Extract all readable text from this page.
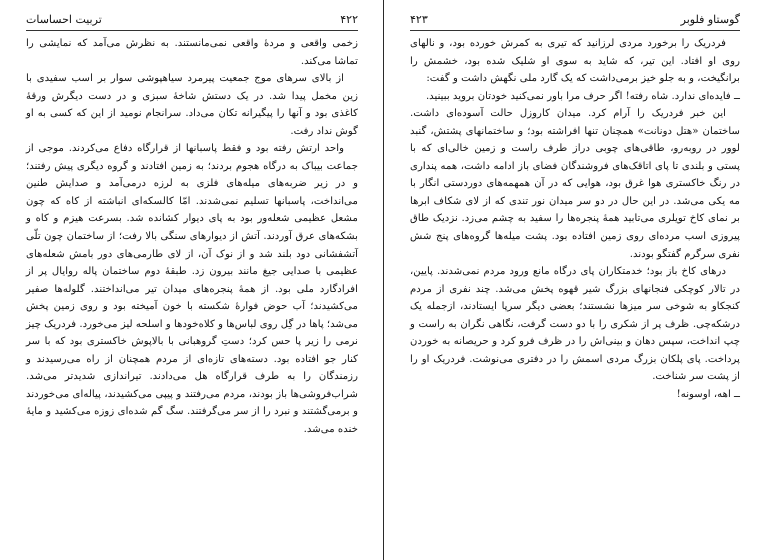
۴۲۲
تربیت احساسات

زخمی واقعی و مردهٔ واقعی نمی‌مانستند. به نظرش می‌آمد که نمایشی را تماشا می‌کند.

از بالای سرهای موج جمعیت پیرمرد سیاهپوشی سوار بر اسب سفیدی با زین مخمل پیدا شد. در یک دستش شاخهٔ سبزی و در دست دیگرش ورقهٔ کاغذی بود و آنها را پیگیرانه تکان می‌داد. سرانجام نومید از این که کسی به او گوش نداد رفت.

واحد ارتش رفته بود و فقط پاسبانها از قرارگاه دفاع می‌کردند. موجی از جماعت بیباک به درگاه هجوم بردند؛ به زمین افتادند و گروه دیگری پیش رفتند؛ و در زیر ضربه‌های میله‌های فلزی به لرزه درمی‌آمد و صدایش طنین می‌انداخت، پاسبانها تسلیم نمی‌شدند. امّا کالسکه‌ای انباشته از کاه که چون مشعل عظیمی شعله‌ور بود به پای دیوار کشانده شد. بسرعت هیزم و کاه و بشکه‌های عرق آوردند. آتش از دیوارهای سنگی بالا رفت؛ از ساختمان چون تلّی آتشفشانی دود بلند شد و از نوک آن، از لای طارمی‌های دور بامش شعله‌های عظیمی با صدایی جیغ مانند بیرون زد. طبقهٔ دوم ساختمان پاله روایال پر از افرادگارد ملی بود. از همهٔ پنجره‌های میدان تیر می‌انداختند. گلوله‌ها صفیر می‌کشیدند؛ آب حوض فوارهٔ شکسته با خون آمیخته بود و روی زمین پخش می‌شد؛ پاها در گِل روی لباس‌ها و کلاه‌خودها و اسلحه لیز می‌خورد. فردریک چیز نرمی را زیر پا حس کرد؛ دستِ گروهبانی با بالاپوش خاکستری بود که با سر کنار جو افتاده بود. دسته‌های تازه‌ای از مردم همچنان از راه می‌رسیدند و رزمندگان را به طرف قرارگاه هل می‌دادند. تیراندازی شدیدتر می‌شد. شراب‌فروشی‌ها باز بودند، مردم می‌رفتند و پیپی می‌کشیدند، پیاله‌ای می‌خوردند و برمی‌گشتند و نبرد را از سر می‌گرفتند. سگ گم شده‌ای زوزه می‌کشید و مایهٔ خنده می‌شد.

گوستاو فلوبر
۴۲۳

فردریک را برخورد مردی لرزانید که تیری به کمرش خورده بود، و نالهای روی او افتاد. این تیر، که شاید به سوی او شلیک شده بود، خشمش را برانگیخت، و به جلو خیز برمی‌داشت که یک گارد ملی نگهش داشت و گفت:

ــ فایده‌ای ندارد. شاه رفته! اگر حرف مرا باور نمی‌کنید خودتان بروید ببینید.

این خبر فردریک را آرام کرد. میدان کاروزل حالت آسوده‌ای داشت. ساختمان «هتل دونانت» همچنان تنها افراشته بود؛ و ساختمانهای پشتش، گنبد لوور در روبه‌رو، طاقی‌های چوبی دراز طرف راست و زمین خالی‌ای که با پستی و بلندی تا پای اتاقک‌های فروشندگان فضای باز ادامه داشت، همه پنداری در رنگ خاکستری هوا غرق بود، هوایی که در آن همهمه‌های دوردستی انگار با مه یکی می‌شد. در این حال در دو سر میدان نور تندی که از لای شکاف ابرها بر نمای کاخ تویلری می‌تابید همهٔ پنجره‌ها را سفید به چشم می‌زد. نزدیک طاق پیروزی اسب مرده‌ای روی زمین افتاده بود. پشت میله‌ها گروه‌های پنج شش نفری سرگرم گفتگو بودند.

درهای کاخ باز بود؛ خدمتکاران پای درگاه مانع ورود مردم نمی‌شدند. پایین، در تالار کوچکی فنجانهای بزرگ شیر قهوه پخش می‌شد. چند نفری از مردم کنجکاو به شوخی سر میزها نشستند؛ بعضی دیگر سرپا ایستادند، ازجمله یک درشکه‌چی. ظرف پر از شکری را با دو دست گرفت، نگاهی نگران به راست و چپ انداخت، سپس دهان و بینی‌اش را در ظرف فرو کرد و حریصانه به خوردن پرداخت. پای پلکان بزرگ مردی اسمش را در دفتری می‌نوشت. فردریک او را از پشت سر شناخت.

ــ اهه، اوسونه!
